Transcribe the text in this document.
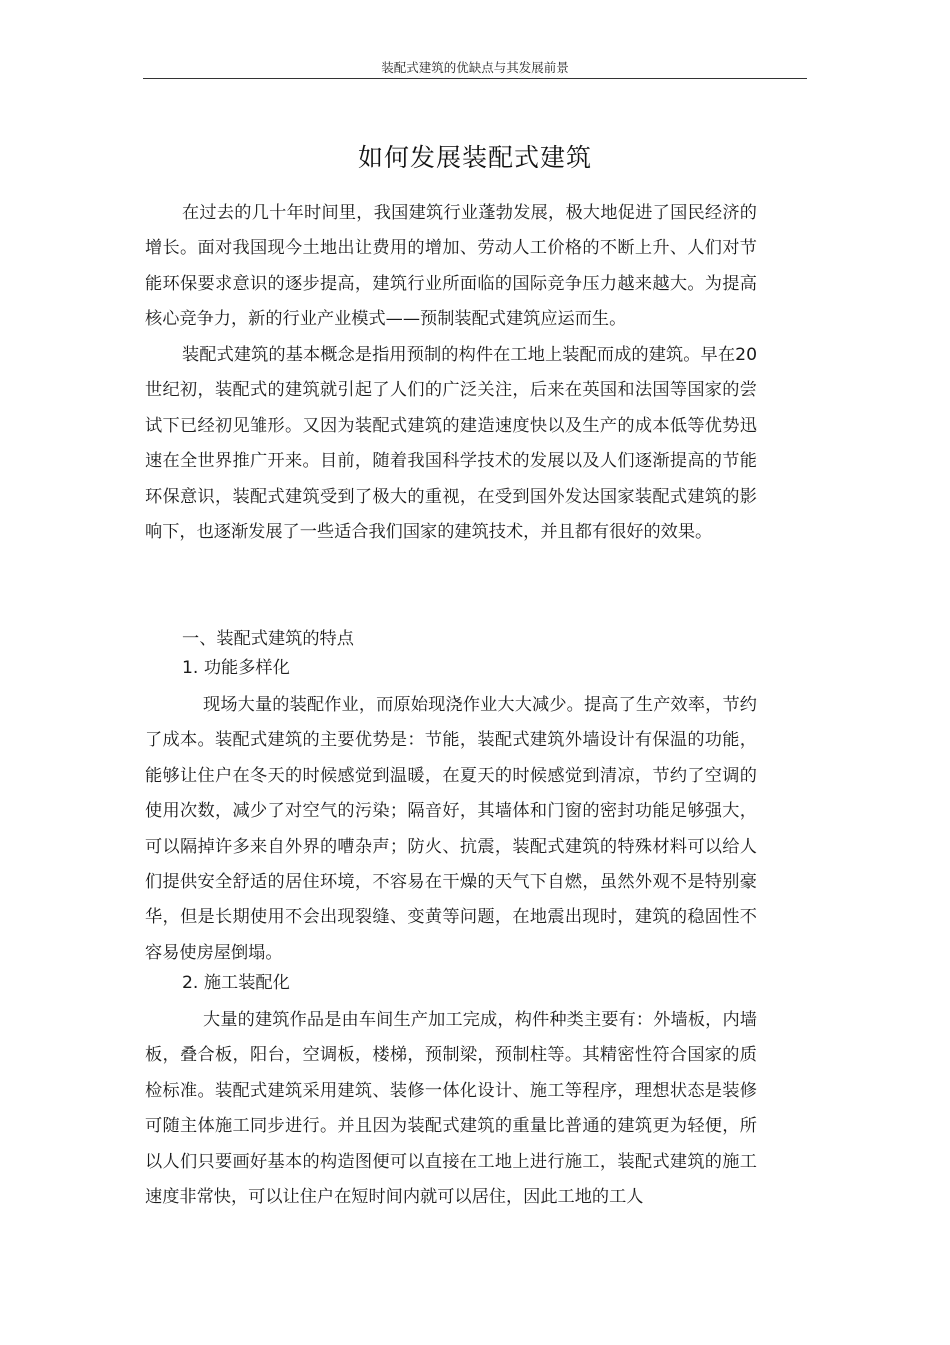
装配式建筑的优缺点与其发展前景
如何发展装配式建筑

在过去的几十年时间里，我国建筑行业蓬勃发展，极大地促进了国民经济的增长。面对我国现今土地出让费用的增加、劳动人工价格的不断上升、人们对节能环保要求意识的逐步提高，建筑行业所面临的国际竞争压力越来越大。为提高核心竞争力，新的行业产业模式——预制装配式建筑应运而生。

装配式建筑的基本概念是指用预制的构件在工地上装配而成的建筑。早在20世纪初，装配式的建筑就引起了人们的广泛关注，后来在英国和法国等国家的尝试下已经初见雏形。又因为装配式建筑的建造速度快以及生产的成本低等优势迅速在全世界推广开来。目前，随着我国科学技术的发展以及人们逐渐提高的节能环保意识，装配式建筑受到了极大的重视，在受到国外发达国家装配式建筑的影响下，也逐渐发展了一些适合我们国家的建筑技术，并且都有很好的效果。

一、装配式建筑的特点

1. 功能多样化

现场大量的装配作业，而原始现浇作业大大减少。提高了生产效率，节约了成本。装配式建筑的主要优势是：节能，装配式建筑外墙设计有保温的功能，能够让住户在冬天的时候感觉到温暖，在夏天的时候感觉到清凉，节约了空调的使用次数，减少了对空气的污染；隔音好，其墙体和门窗的密封功能足够强大，可以隔掉许多来自外界的嘈杂声；防火、抗震，装配式建筑的特殊材料可以给人们提供安全舒适的居住环境，不容易在干燥的天气下自燃，虽然外观不是特别豪华，但是长期使用不会出现裂缝、变黄等问题，在地震出现时，建筑的稳固性不容易使房屋倒塌。

2. 施工装配化

大量的建筑作品是由车间生产加工完成，构件种类主要有：外墙板，内墙板，叠合板，阳台，空调板，楼梯，预制梁，预制柱等。其精密性符合国家的质检标准。装配式建筑采用建筑、装修一体化设计、施工等程序，理想状态是装修可随主体施工同步进行。并且因为装配式建筑的重量比普通的建筑更为轻便，所以人们只要画好基本的构造图便可以直接在工地上进行施工，装配式建筑的施工速度非常快，可以让住户在短时间内就可以居住，因此工地的工人
